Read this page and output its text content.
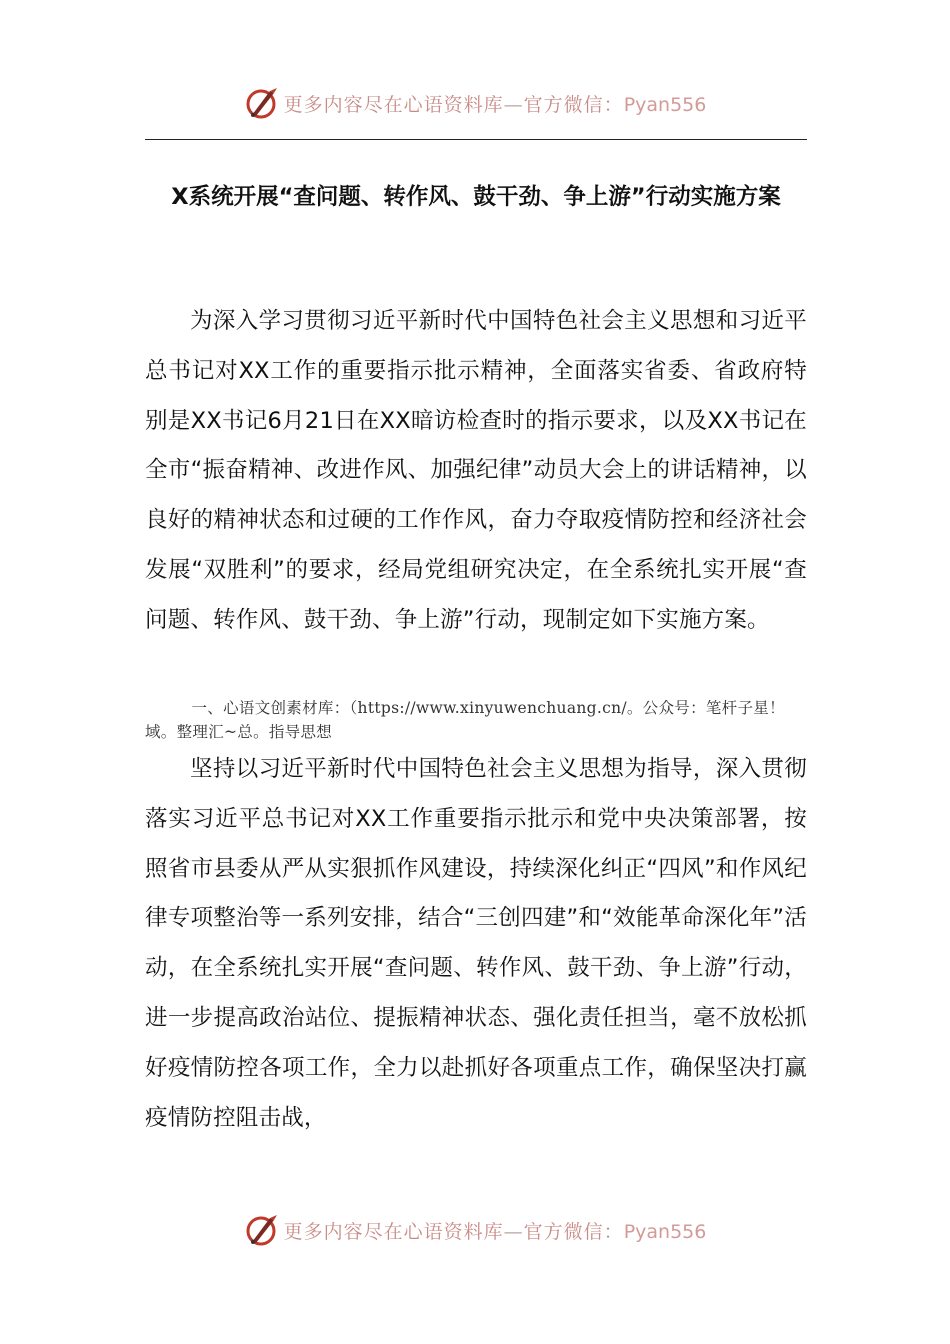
更多内容尽在心语资料库—官方微信：Pyan556
X系统开展“查问题、转作风、鼓干劲、争上游”行动实施方案

为深入学习贯彻习近平新时代中国特色社会主义思想和习近平总书记对XX工作的重要指示批示精神，全面落实省委、省政府特别是XX书记6月21日在XX暗访检查时的指示要求，以及XX书记在全市“振奋精神、改进作风、加强纪律”动员大会上的讲话精神，以良好的精神状态和过硬的工作作风，奋力夺取疫情防控和经济社会发展“双胜利”的要求，经局党组研究决定，在全系统扎实开展“查问题、转作风、鼓干劲、争上游”行动，现制定如下实施方案。

一、心语文创素材库：（https://www.xinyuwenchuang.cn/。公众号：笔杆子星！域。整理汇~总。指导思想

坚持以习近平新时代中国特色社会主义思想为指导，深入贯彻落实习近平总书记对XX工作重要指示批示和党中央决策部署，按照省市县委从严从实狠抓作风建设，持续深化纠正“四风”和作风纪律专项整治等一系列安排，结合“三创四建”和“效能革命深化年”活动，在全系统扎实开展“查问题、转作风、鼓干劲、争上游”行动，进一步提高政治站位、提振精神状态、强化责任担当，毫不放松抓好疫情防控各项工作，全力以赴抓好各项重点工作，确保坚决打赢疫情防控阻击战，

更多内容尽在心语资料库—官方微信：Pyan556
